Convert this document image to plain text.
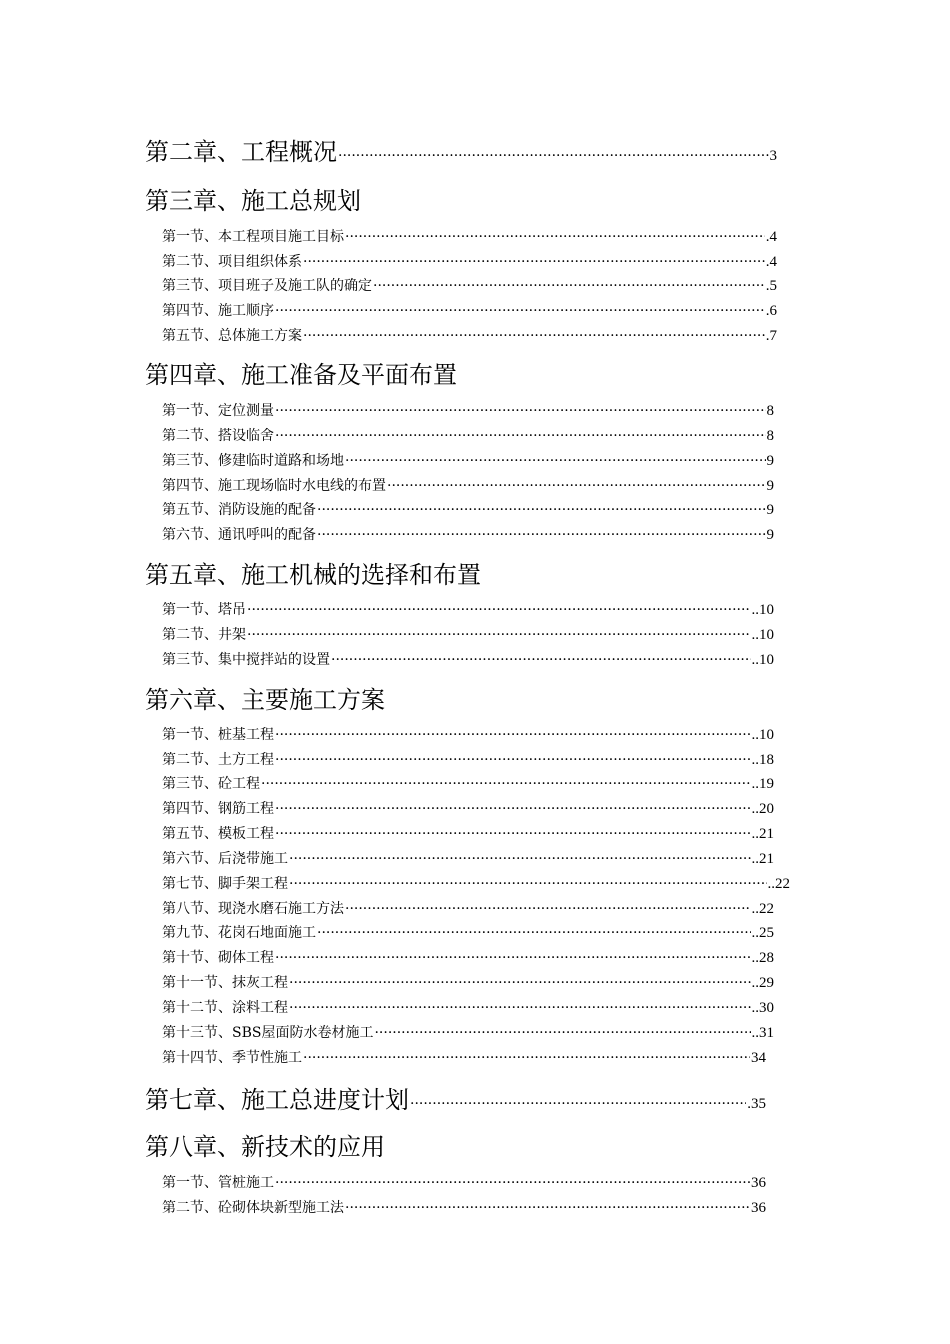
第二章、工程概况 ·····	3
第三章、施工总规划
第一节、本工程项目施工目标 ·····	.4
第二节、项目组织体系 ·····	.4
第三节、项目班子及施工队的确定 ·····	.5
第四节、施工顺序 ·····	.6
第五节、总体施工方案 ·····	.7
第四章、施工准备及平面布置
第一节、定位测量 ·····	8
第二节、搭设临舍 ·····	8
第三节、修建临时道路和场地 ·····	9
第四节、施工现场临时水电线的布置 ·····	9
第五节、消防设施的配备 ·····	9
第六节、通讯呼叫的配备 ·····	9
第五章、施工机械的选择和布置
第一节、塔吊 ·····	..10
第二节、井架 ·····	..10
第三节、集中搅拌站的设置 ·····	..10
第六章、主要施工方案
第一节、桩基工程 ·····	..10
第二节、土方工程 ·····	..18
第三节、砼工程 ·····	..19
第四节、钢筋工程 ·····	..20
第五节、模板工程 ·····	..21
第六节、后浇带施工 ·····	..21
第七节、脚手架工程 ·····	..22
第八节、现浇水磨石施工方法 ·····	..22
第九节、花岗石地面施工 ·····	..25
第十节、砌体工程 ·····	..28
第十一节、抹灰工程 ·····	..29
第十二节、涂料工程 ·····	..30
第十三节、SBS屋面防水卷材施工 ·····	..31
第十四节、季节性施工 ·····	34
第七章、施工总进度计划 ·····	.35
第八章、新技术的应用
第一节、管桩施工 ·····	36
第二节、砼砌体块新型施工法 ·····	36
